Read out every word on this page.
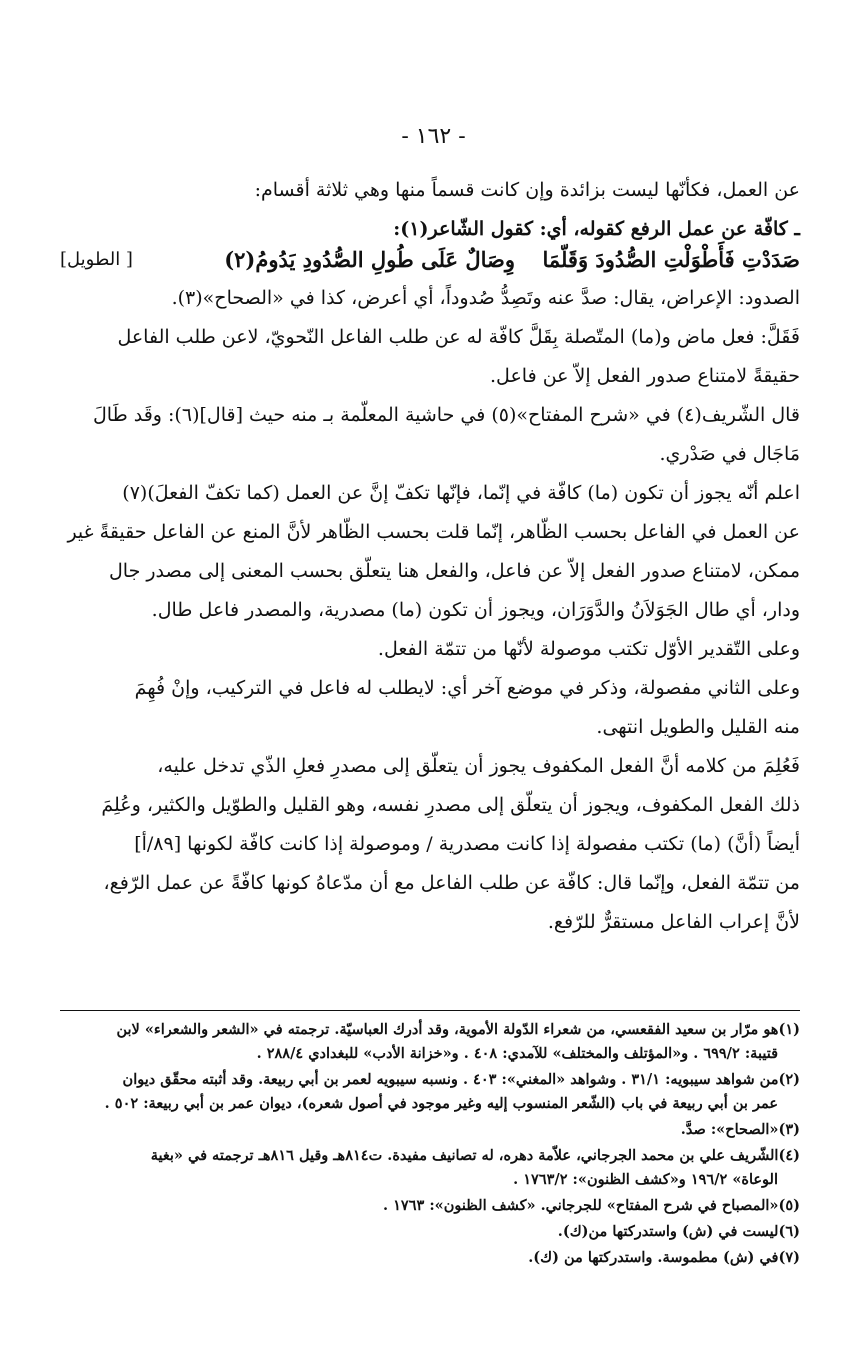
- ١٦٢ -

عن العمل، فكأنّها ليست بزائدة وإن كانت قسماً منها وهي ثلاثة أقسام:

ـ كافّة عن عمل الرفع كقوله، أي: كقول الشّاعر(١):

صَدَدْتِ فَأَطْوَلْتِ الصُّدُودَ وَقَلّمَا
وِصَالٌ عَلَى طُولِ الصُّدُودِ يَدُومُ(٢)
[ الطويل]

الصدود: الإعراض، يقال: صدَّ عنه وتَصِدُّ صُدوداً، أي أعرض، كذا في «الصحاح»(٣).

فَقَلَّ: فعل ماض و(ما) المتّصلة بِقَلَّ كافّة له عن طلب الفاعل النّحويّ، لاعن طلب الفاعل

حقيقةً لامتناع صدور الفعل إلاّ عن فاعل.

قال الشّريف(٤) في «شرح المفتاح»(٥) في حاشية المعلّمة بـ منه حيث [قال](٦): وقَد طَالَ

مَاجَال في صَدْري.

اعلم أنّه يجوز أن تكون (ما) كافّة في إنّما، فإنّها تكفّ إنَّ عن العمل (كما تكفّ الفعلَ)(٧)

عن العمل في الفاعل بحسب الظّاهر، إنّما قلت بحسب الظّاهر لأنَّ المنع عن الفاعل حقيقةً غير

ممكن، لامتناع صدور الفعل إلاّ عن فاعل، والفعل هنا يتعلّق بحسب المعنى إلى مصدر جال

ودار، أي طال الجَوَلاَنُ والدَّوَرَان، ويجوز أن تكون (ما) مصدرية، والمصدر فاعل طال.

وعلى التّقدير الأوّل تكتب موصولة لأنّها من تتمّة الفعل.

وعلى الثاني مفصولة، وذكر في موضع آخر أي: لايطلب له فاعل في التركيب، وإنْ فُهِمَ

منه القليل والطويل انتهى.

فَعُلِمَ من كلامه أنَّ الفعل المكفوف يجوز أن يتعلّق إلى مصدرِ فعلِ الذّي تدخل عليه،

ذلك الفعل المكفوف، ويجوز أن يتعلّق إلى مصدرِ نفسه، وهو القليل والطوّيل والكثير، وعُلِمَ

أيضاً (أنَّ) (ما) تكتب مفصولة إذا كانت مصدرية / وموصولة إذا كانت كافّة لكونها [٨٩/أ]

من تتمّة الفعل، وإنّما قال: كافّة عن طلب الفاعل مع أن مدّعاهُ كونها كافّةً عن عمل الرّفع،

لأنَّ إعراب الفاعل مستقرٌّ للرّفع.

(١)هو مرّار بن سعيد الفقعسي، من شعراء الدّولة الأموية، وقد أدرك العباسيّة. ترجمته في «الشعر والشعراء» لابن
قتيبة: ٦٩٩/٢ . و«المؤتلف والمختلف» للآمدي: ٤٠٨ . و«خزانة الأدب» للبغدادي ٢٨٨/٤ .

(٢)من شواهد سيبويه: ٣١/١ . وشواهد «المغني»: ٤٠٣ . ونسبه سيبويه لعمر بن أبي ربيعة. وقد أثبته محقّق ديوان
عمر بن أبي ربيعة في باب (الشّعر المنسوب إليه وغير موجود في أصول شعره)، ديوان عمر بن أبي ربيعة: ٥٠٢ .

(٣)«الصحاح»: صدَّ.

(٤)الشّريف علي بن محمد الجرجاني، علاّمة دهره، له تصانيف مفيدة. ت٨١٤هـ وقيل ٨١٦هـ ترجمته في «بغية
الوعاة» ١٩٦/٢ و«كشف الظنون»: ١٧٦٣/٢ .

(٥)«المصباح في شرح المفتاح» للجرجاني. «كشف الظنون»: ١٧٦٣ .

(٦)ليست في (ش) واستدركتها من(ك).

(٧)في (ش) مطموسة. واستدركتها من (ك).
